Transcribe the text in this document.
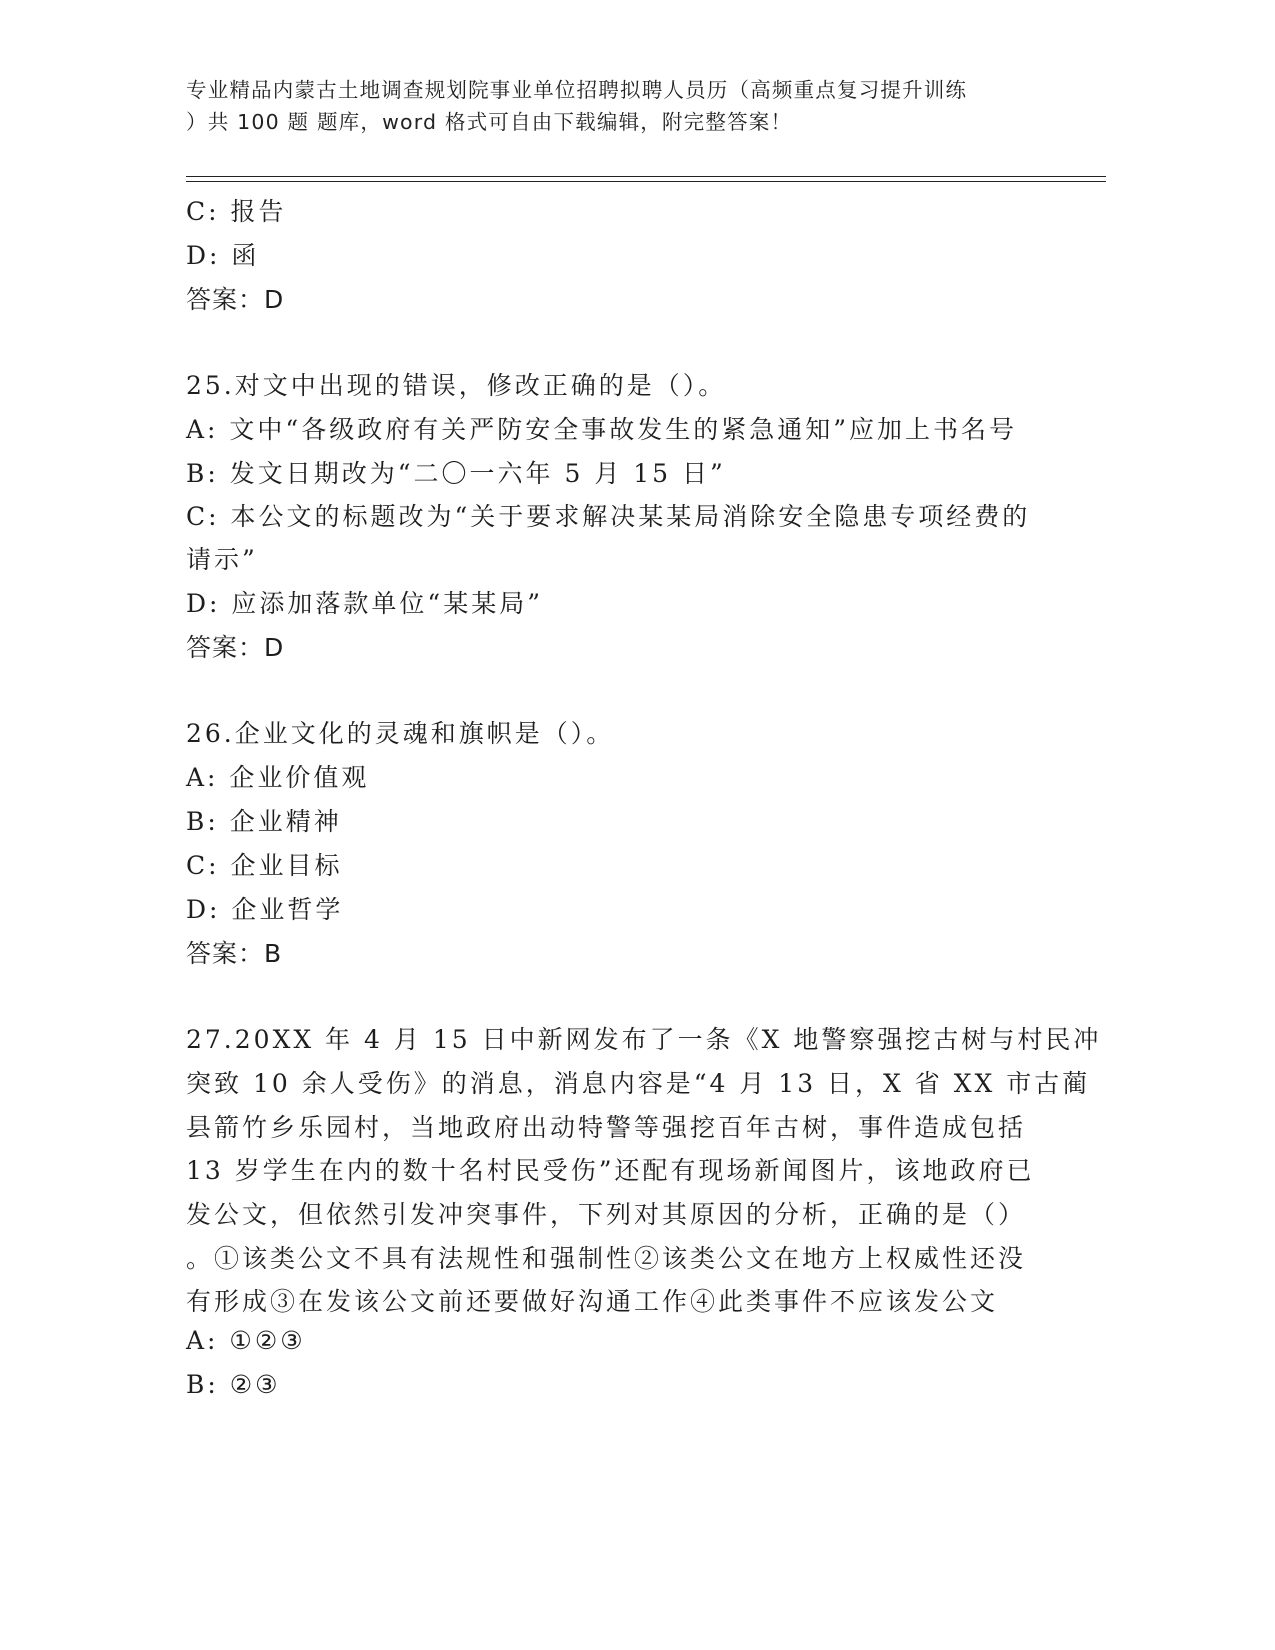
专业精品内蒙古土地调查规划院事业单位招聘拟聘人员历（高频重点复习提升训练
）共 100 题 题库，word 格式可自由下载编辑，附完整答案！
C: 报告
D: 函
答案：D
25.对文中出现的错误，修改正确的是（）。
A: 文中“各级政府有关严防安全事故发生的紧急通知”应加上书名号
B: 发文日期改为“二〇一六年 5 月 15 日”
C: 本公文的标题改为“关于要求解决某某局消除安全隐患专项经费的
请示”
D: 应添加落款单位“某某局”
答案：D
26.企业文化的灵魂和旗帜是（）。
A: 企业价值观
B: 企业精神
C: 企业目标
D: 企业哲学
答案：B
27.20XX 年 4 月 15 日中新网发布了一条《X 地警察强挖古树与村民冲
突致 10 余人受伤》的消息，消息内容是“4 月 13 日，X 省 XX 市古蔺
县箭竹乡乐园村，当地政府出动特警等强挖百年古树，事件造成包括
13 岁学生在内的数十名村民受伤”还配有现场新闻图片，该地政府已
发公文，但依然引发冲突事件，下列对其原因的分析，正确的是（）
。①该类公文不具有法规性和强制性②该类公文在地方上权威性还没
有形成③在发该公文前还要做好沟通工作④此类事件不应该发公文
A: ①②③
B: ②③
